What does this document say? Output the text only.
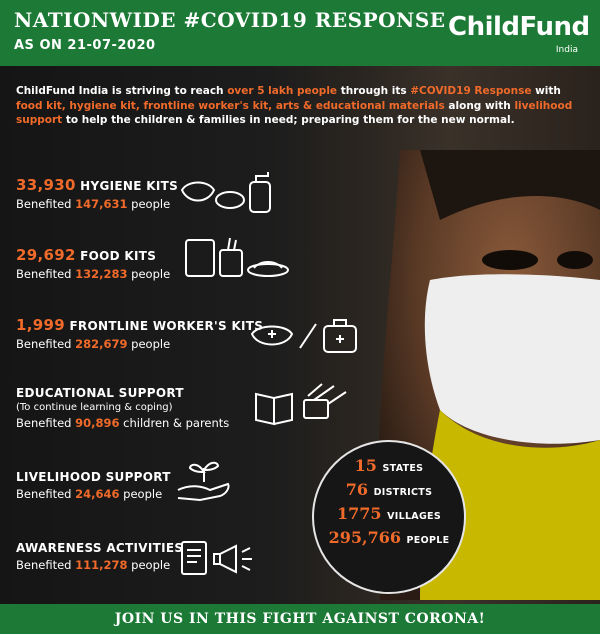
NATIONWIDE #COVID19 RESPONSE
AS ON 21-07-2020
ChildFund
India
ChildFund India is striving to reach over 5 lakh people through its #COVID19 Response with food kit, hygiene kit, frontline worker's kit, arts & educational materials along with livelihood support to help the children & families in need; preparing them for the new normal.
33,930 HYGIENE KITS
Benefited 147,631 people
29,692 FOOD KITS
Benefited 132,283 people
1,999 FRONTLINE WORKER'S KITS
Benefited 282,679 people
EDUCATIONAL SUPPORT
(To continue learning & coping)
Benefited 90,896 children & parents
LIVELIHOOD SUPPORT
Benefited 24,646 people
AWARENESS ACTIVITIES
Benefited 111,278 people
15 STATES
76 DISTRICTS
1775 VILLAGES
295,766 PEOPLE
JOIN US IN THIS FIGHT AGAINST CORONA!
